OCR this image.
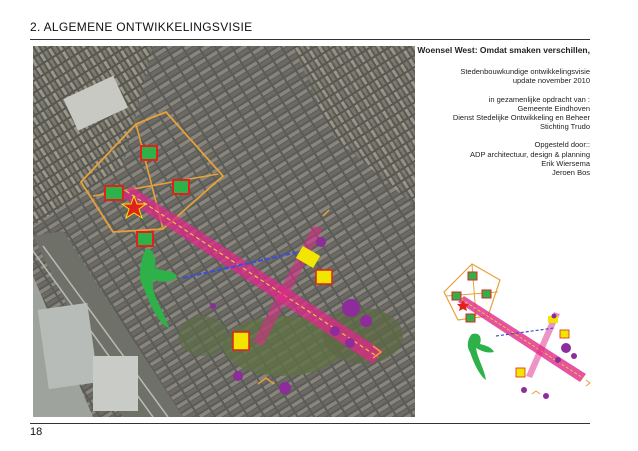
2. ALGEMENE ONTWIKKELINGSVISIE
Woensel West: Omdat smaken verschillen,
Stedenbouwkundige ontwikkelingsvisie
update november 2010
in gezamenlijke opdracht van :
Gemeente Eindhoven
Dienst Stedelijke Ontwikkeling en Beheer
Stichting Trudo
Opgesteld door::
ADP architectuur, design & planning
Erik Wiersema
Jeroen Bos
18
